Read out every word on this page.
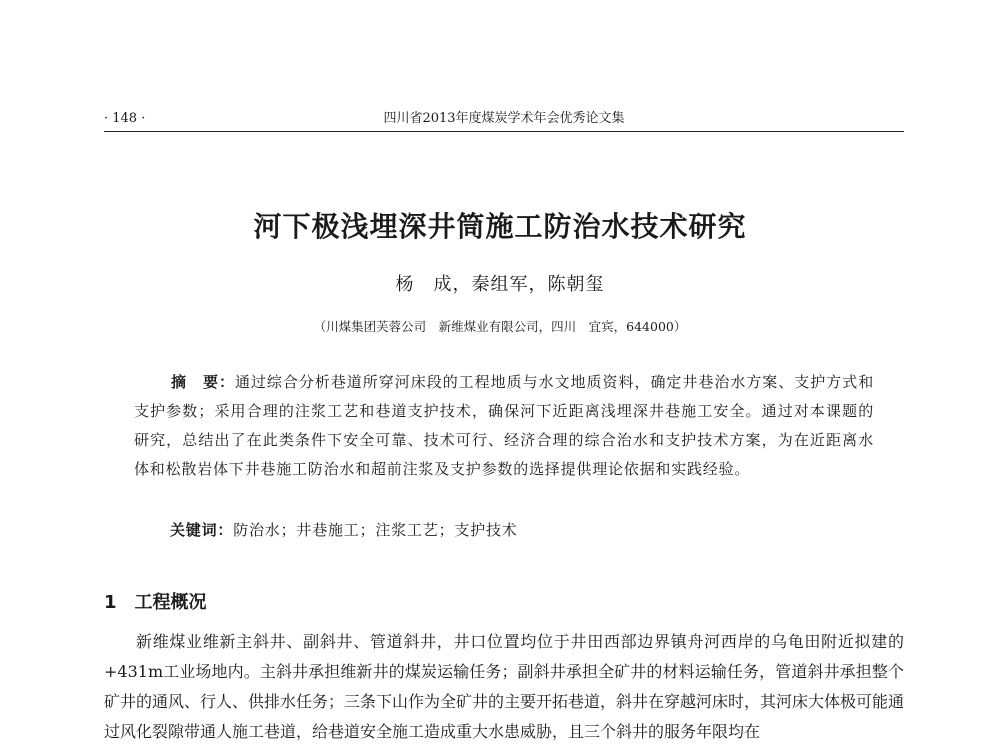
· 148 ·	四川省2013年度煤炭学术年会优秀论文集
河下极浅埋深井筒施工防治水技术研究
杨　成，秦组军，陈朝玺
（川煤集团芙蓉公司　新维煤业有限公司，四川　宜宾，644000）
摘　要：通过综合分析巷道所穿河床段的工程地质与水文地质资料，确定井巷治水方案、支护方式和支护参数；采用合理的注浆工艺和巷道支护技术，确保河下近距离浅埋深井巷施工安全。通过对本课题的研究，总结出了在此类条件下安全可靠、技术可行、经济合理的综合治水和支护技术方案，为在近距离水体和松散岩体下井巷施工防治水和超前注浆及支护参数的选择提供理论依据和实践经验。
关键词：防治水；井巷施工；注浆工艺；支护技术
1 工程概况

新维煤业维新主斜井、副斜井、管道斜井，井口位置均位于井田西部边界镇舟河西岸的乌龟田附近拟建的+431m工业场地内。主斜井承担维新井的煤炭运输任务；副斜井承担全矿井的材料运输任务，管道斜井承担整个矿井的通风、行人、供排水任务；三条下山作为全矿井的主要开拓巷道，斜井在穿越河床时，其河床大体极可能通过风化裂隙带通人施工巷道，给巷道安全施工造成重大水患威胁，且三个斜井的服务年限均在
